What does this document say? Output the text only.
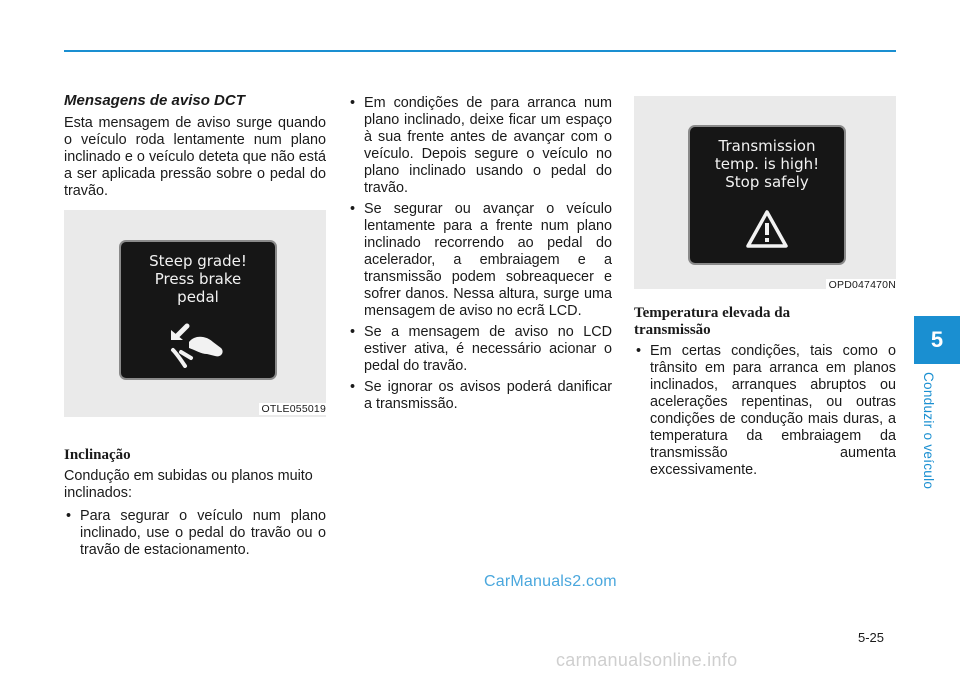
Mensagens de aviso DCT

Esta mensagem de aviso surge quando o veículo roda lentamente num plano inclinado e o veículo deteta que não está a ser aplicada pressão sobre o pedal do travão.

Steep grade!
Press brake
pedal
OTLE055019
Inclinação

Condução em subidas ou planos muito inclinados:

• Para segurar o veículo num plano inclinado, use o pedal do travão ou o travão de estacionamento.
• Em condições de para arranca num plano inclinado, deixe ficar um espaço à sua frente antes de avançar com o veículo. Depois segure o veículo no plano inclinado usando o pedal do travão.
• Se segurar ou avançar o veículo lentamente para a frente num plano inclinado recorrendo ao pedal do acelerador, a embraiagem e a transmissão podem sobreaquecer e sofrer danos. Nessa altura, surge uma mensagem de aviso no ecrã LCD.
• Se a mensagem de aviso no LCD estiver ativa, é necessário acionar o pedal do travão.
• Se ignorar os avisos poderá danificar a transmissão.
Transmission
temp. is high!
Stop safely
OPD047470N
Temperatura elevada da transmissão
• Em certas condições, tais como o trânsito em para arranca em planos inclinados, arranques abruptos ou acelerações repentinas, ou outras condições de condução mais duras, a temperatura da embraiagem da transmissão aumenta excessivamente.
5
Conduzir o veículo
CarManuals2.com
5-25
carmanualsonline.info
